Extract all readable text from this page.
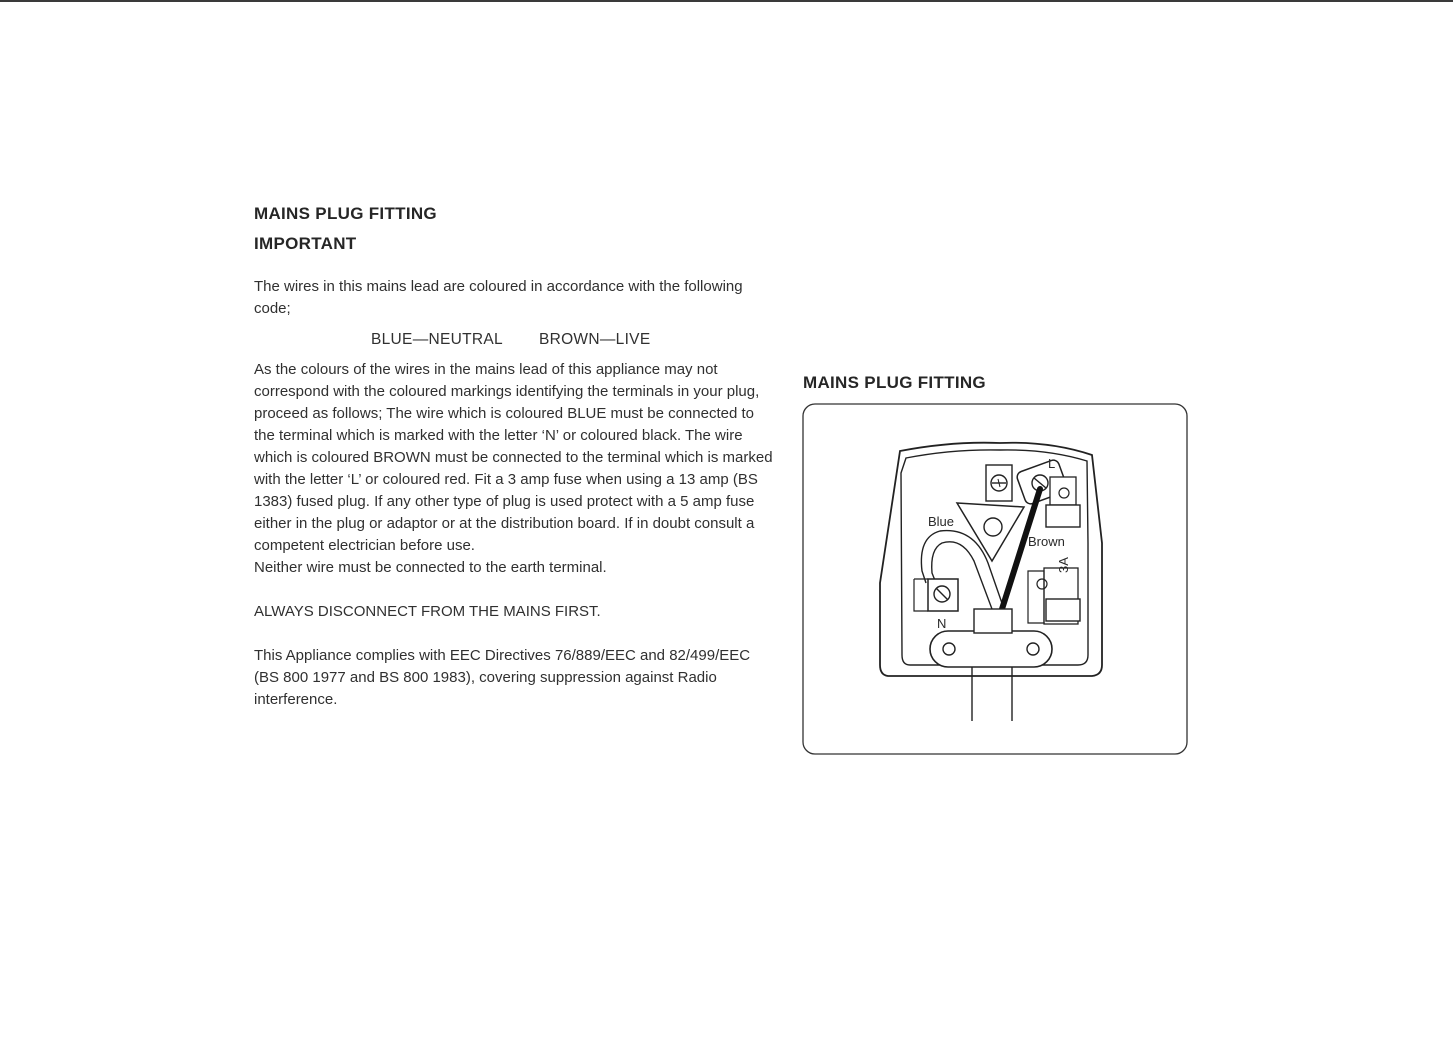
MAINS PLUG FITTING
IMPORTANT

The wires in this mains lead are coloured in accordance with the following code;

BLUE—NEUTRAL BROWN—LIVE

As the colours of the wires in the mains lead of this appliance may not correspond with the coloured markings identifying the terminals in your plug, proceed as follows; The wire which is coloured BLUE must be connected to the terminal which is marked with the letter ‘N’ or coloured black. The wire which is coloured BROWN must be connected to the terminal which is marked with the letter ‘L’ or coloured red. Fit a 3 amp fuse when using a 13 amp (BS 1383) fused plug. If any other type of plug is used protect with a 5 amp fuse either in the plug or adaptor or at the distribution board. If in doubt consult a competent electrician before use.

Neither wire must be connected to the earth terminal.

ALWAYS DISCONNECT FROM THE MAINS FIRST.

This Appliance complies with EEC Directives 76/889/EEC and 82/499/EEC (BS 800 1977 and BS 800 1983), covering suppression against Radio interference.

MAINS PLUG FITTING
Blue
Brown
N
L
3A
